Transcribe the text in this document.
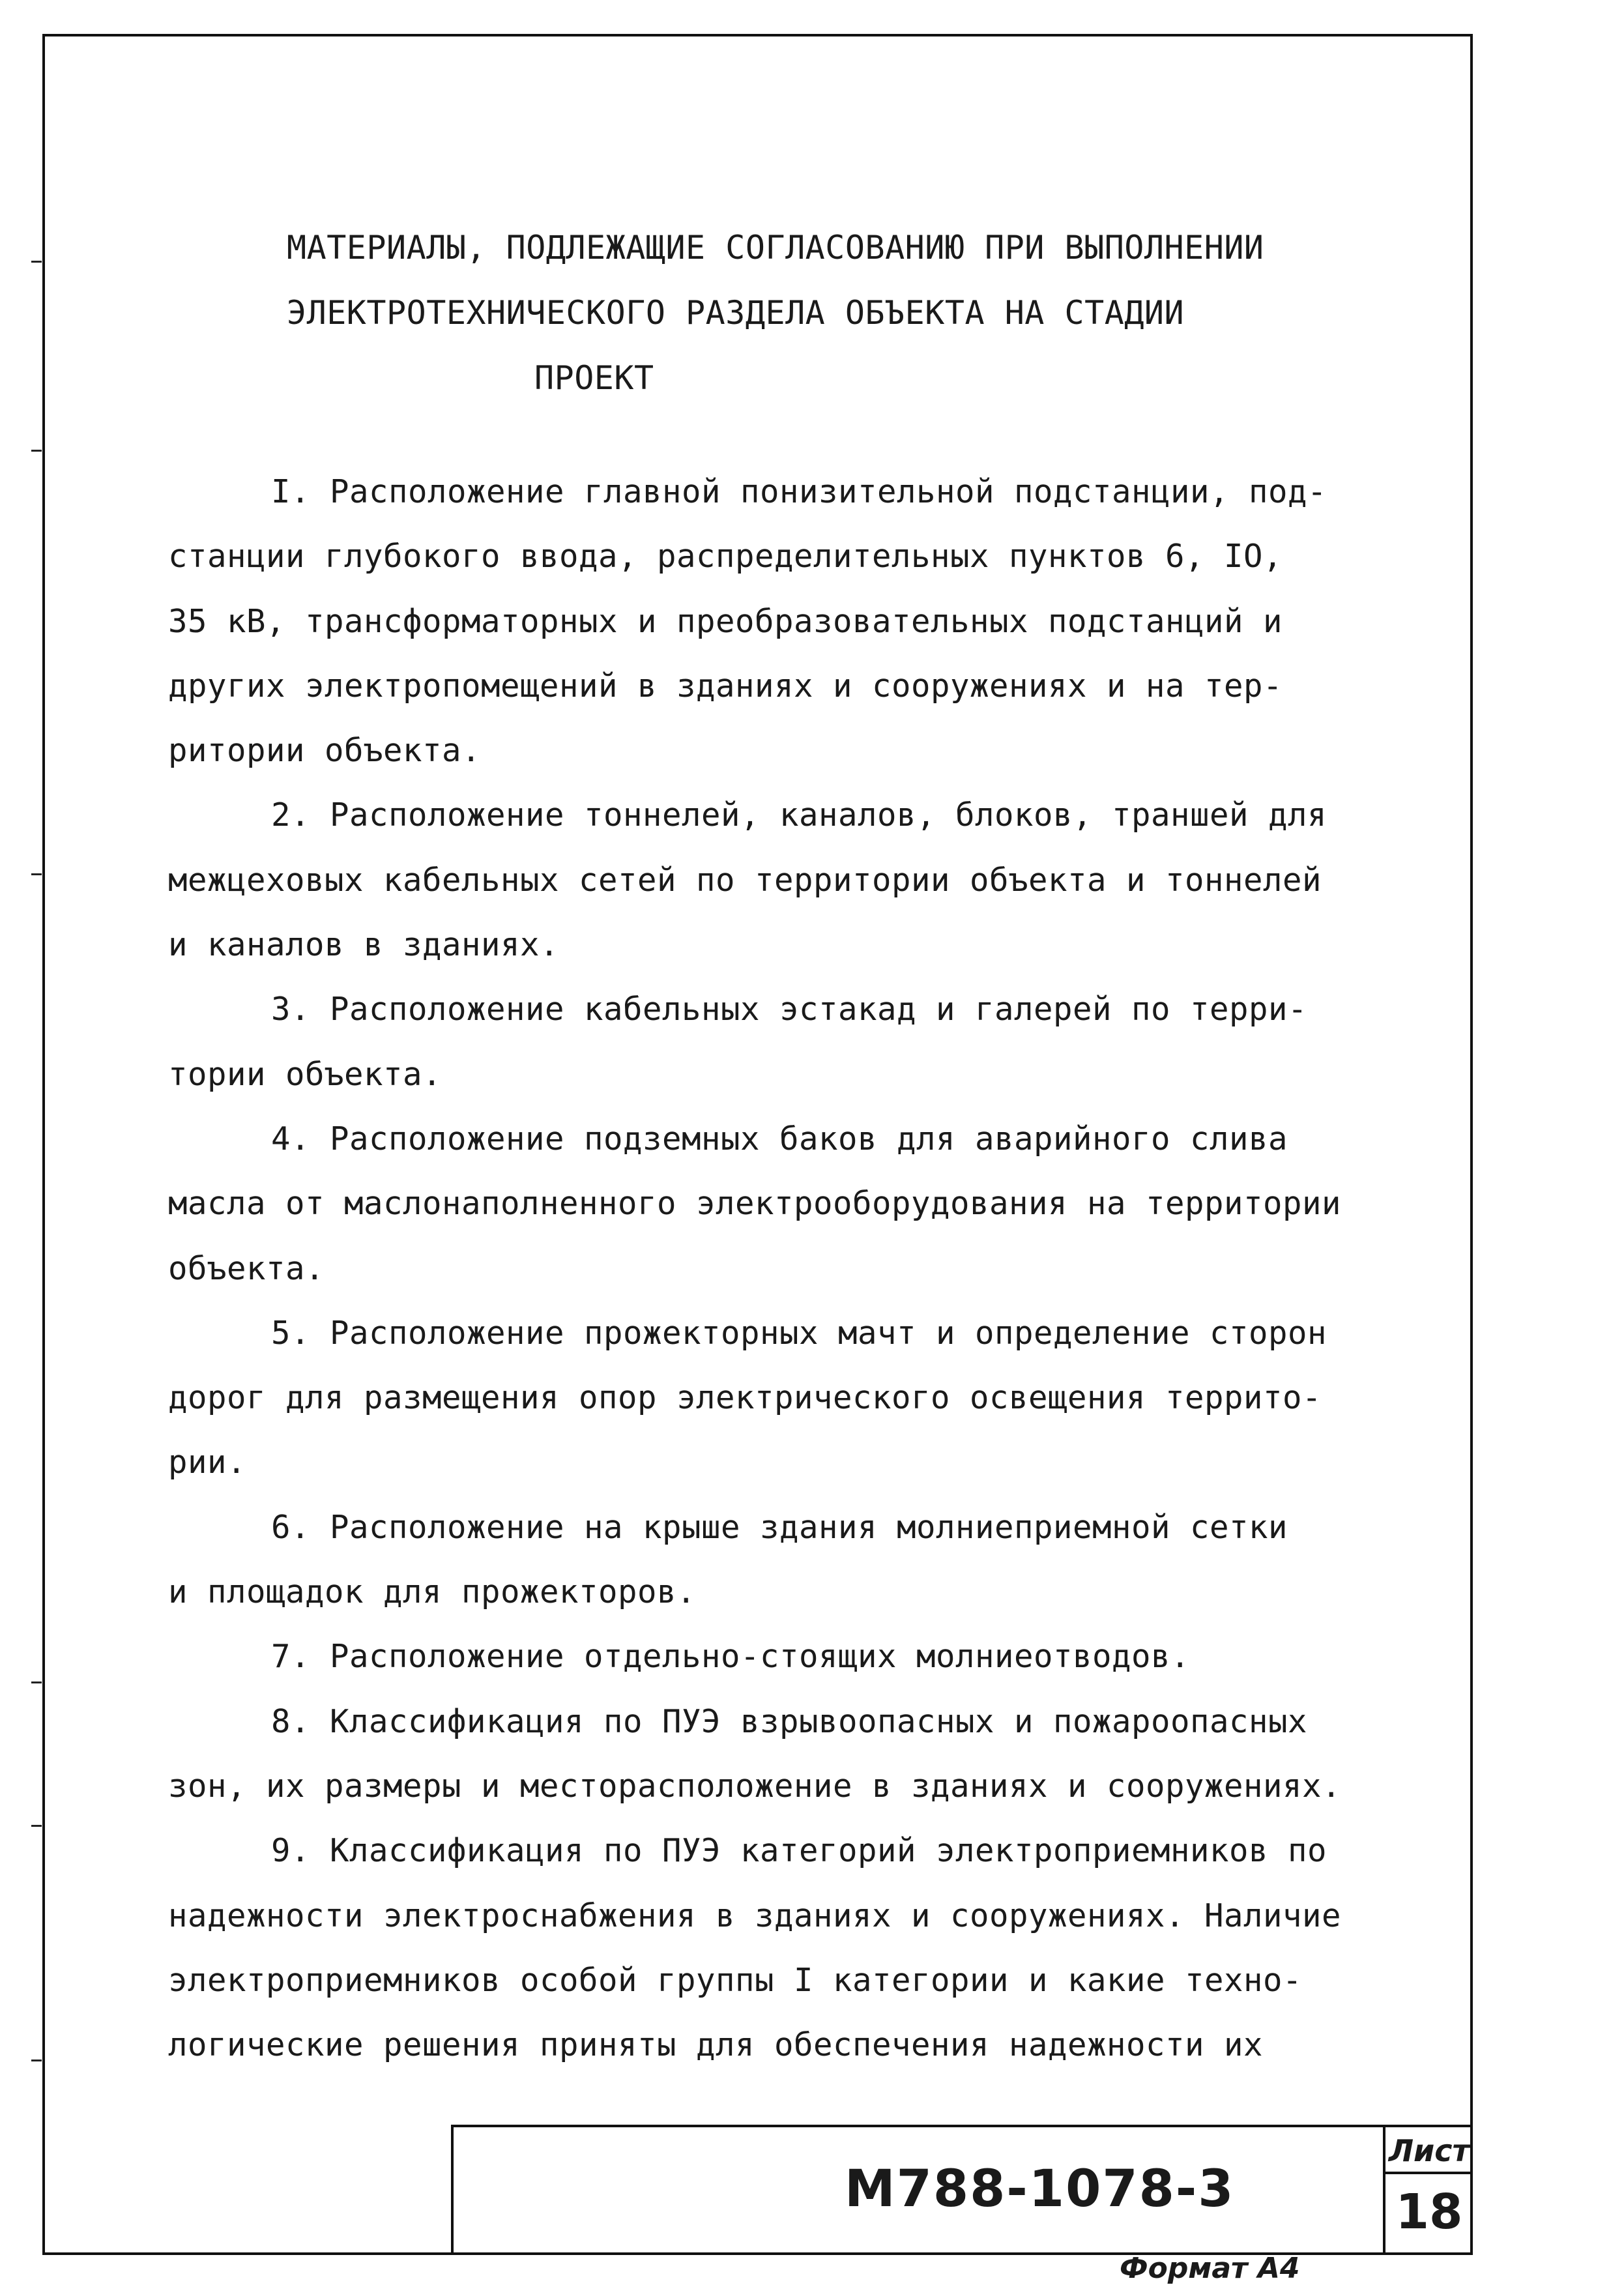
МАТЕРИАЛЫ, ПОДЛЕЖАЩИЕ СОГЛАСОВАНИЮ ПРИ ВЫПОЛНЕНИИ
ЭЛЕКТРОТЕХНИЧЕСКОГО РАЗДЕЛА ОБЪЕКТА НА СТАДИИ
ПРОЕКТ
I. Расположение главной понизительной подстанции, под-
станции глубокого ввода, распределительных пунктов 6, IO,
35 кВ, трансформаторных и преобразовательных подстанций и
других электропомещений в зданиях и сооружениях и на тер-
ритории объекта.
2. Расположение тоннелей, каналов, блоков, траншей для
межцеховых кабельных сетей по территории объекта и тоннелей
и каналов в зданиях.
3. Расположение кабельных эстакад и галерей по терри-
тории объекта.
4. Расположение подземных баков для аварийного слива
масла от маслонаполненного электрооборудования на территории
объекта.
5. Расположение прожекторных мачт и определение сторон
дорог для размещения опор электрического освещения террито-
рии.
6. Расположение на крыше здания молниеприемной сетки
и площадок для прожекторов.
7. Расположение отдельно-стоящих молниеотводов.
8. Классификация по ПУЭ взрывоопасных и пожароопасных
зон, их размеры и месторасположение в зданиях и сооружениях.
9. Классификация по ПУЭ категорий электроприемников по
надежности электроснабжения в зданиях и сооружениях. Наличие
электроприемников особой группы I категории и какие техно-
логические решения приняты для обеспечения надежности их
М788-1078-3
Лист
18
Формат А4
